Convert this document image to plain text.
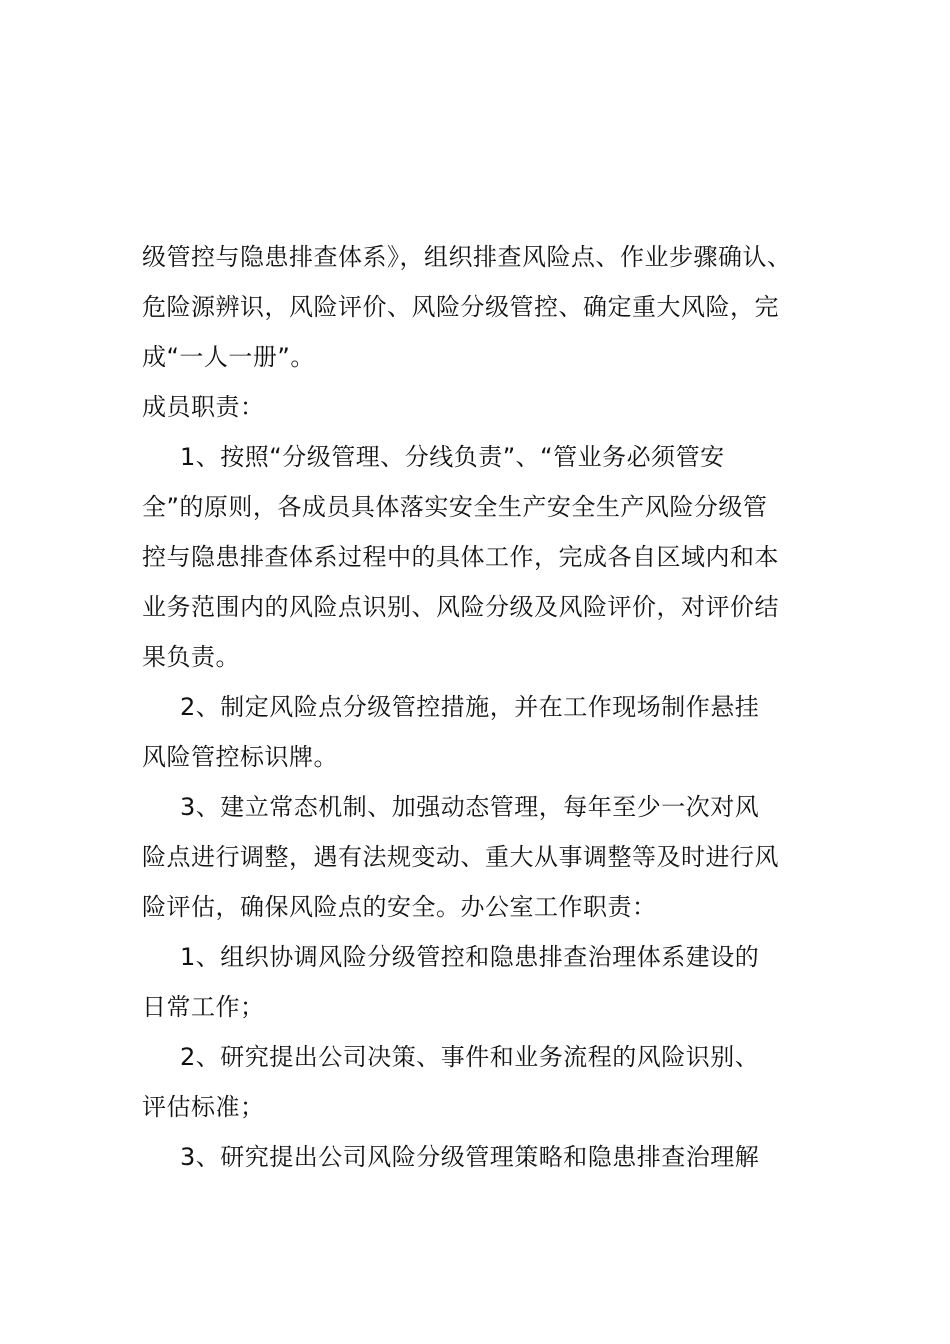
级管控与隐患排查体系》，组织排查风险点、作业步骤确认、
危险源辨识，风险评价、风险分级管控、确定重大风险，完
成“一人一册”。
成员职责：
1、按照“分级管理、分线负责”、“管业务必须管安
全”的原则，各成员具体落实安全生产安全生产风险分级管
控与隐患排查体系过程中的具体工作，完成各自区域内和本
业务范围内的风险点识别、风险分级及风险评价，对评价结
果负责。
2、制定风险点分级管控措施，并在工作现场制作悬挂
风险管控标识牌。
3、建立常态机制、加强动态管理，每年至少一次对风
险点进行调整，遇有法规变动、重大从事调整等及时进行风
险评估，确保风险点的安全。办公室工作职责：
1、组织协调风险分级管控和隐患排查治理体系建设的
日常工作；
2、研究提出公司决策、事件和业务流程的风险识别、
评估标准；
3、研究提出公司风险分级管理策略和隐患排查治理解
